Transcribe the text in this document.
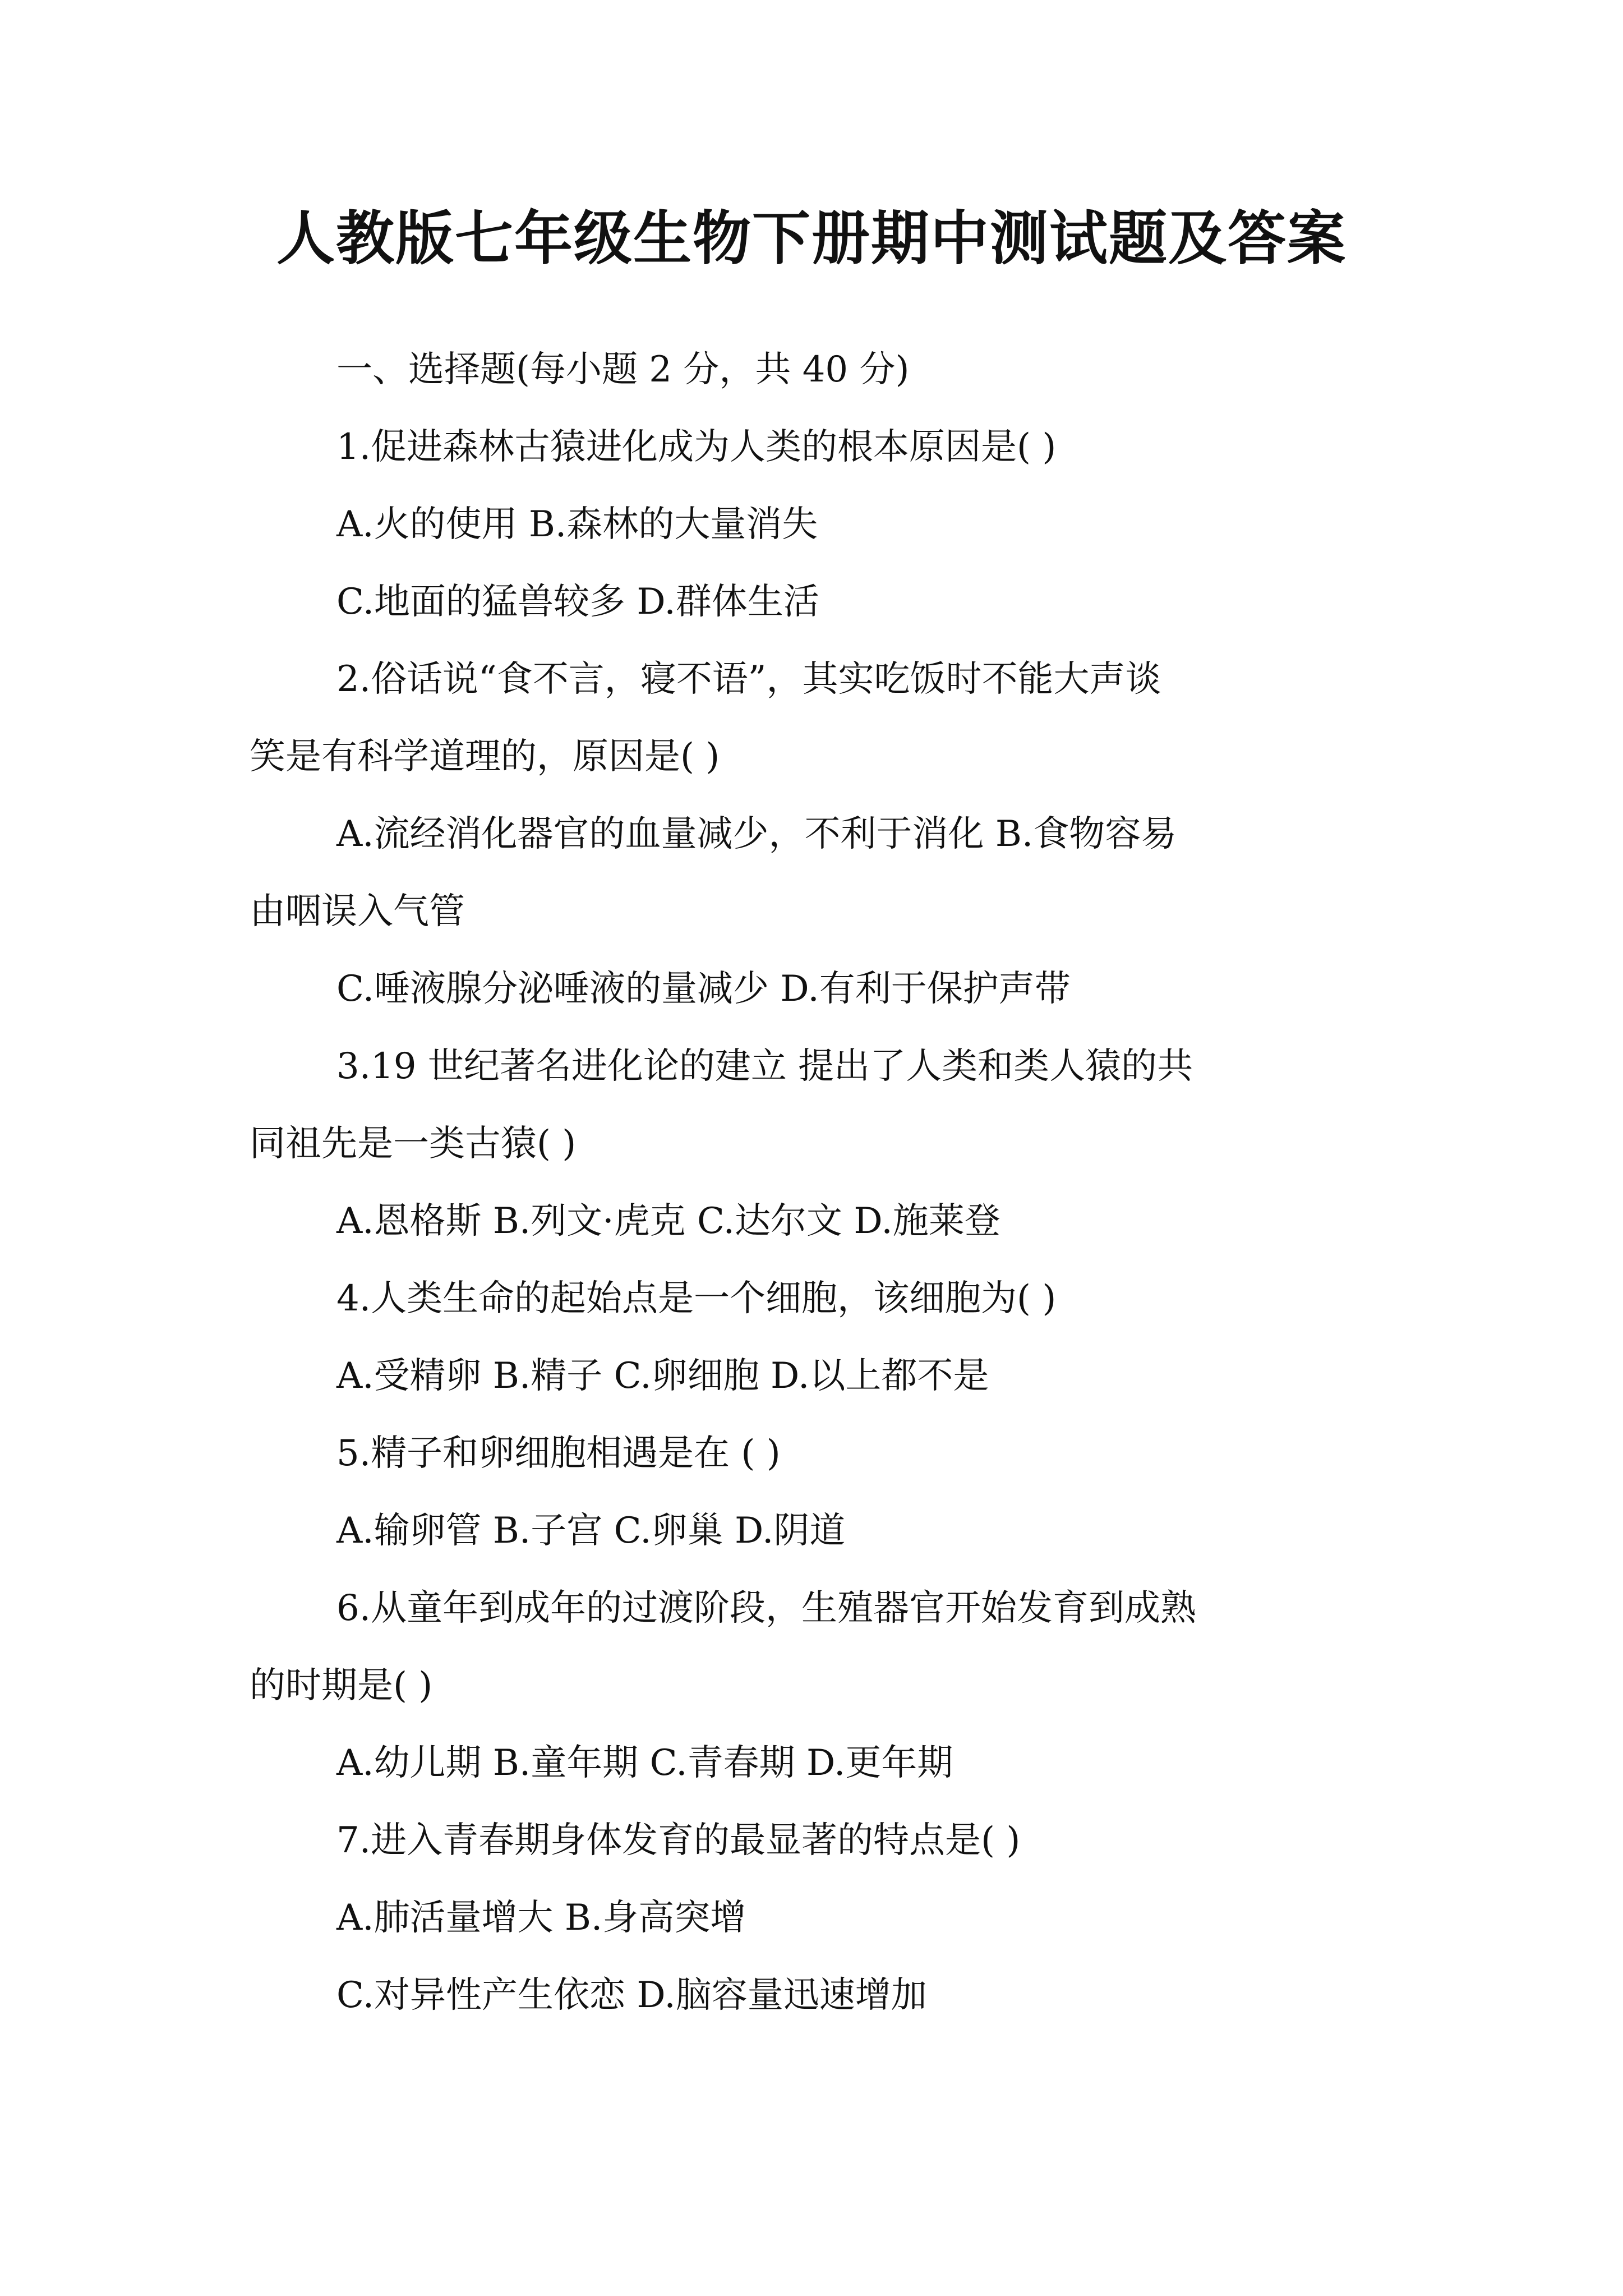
人教版七年级生物下册期中测试题及答案

一、选择题(每小题 2 分，共 40 分)

1.促进森林古猿进化成为人类的根本原因是( )

A.火的使用 B.森林的大量消失

C.地面的猛兽较多 D.群体生活

2.俗话说“食不言，寝不语”，其实吃饭时不能大声谈

笑是有科学道理的，原因是( )

A.流经消化器官的血量减少，不利于消化 B.食物容易

由咽误入气管

C.唾液腺分泌唾液的量减少 D.有利于保护声带

3.19 世纪著名进化论的建立 提出了人类和类人猿的共

同祖先是一类古猿( )

A.恩格斯 B.列文·虎克 C.达尔文 D.施莱登

4.人类生命的起始点是一个细胞，该细胞为( )

A.受精卵 B.精子 C.卵细胞 D.以上都不是

5.精子和卵细胞相遇是在 ( )

A.输卵管 B.子宫 C.卵巢 D.阴道

6.从童年到成年的过渡阶段，生殖器官开始发育到成熟

的时期是( )

A.幼儿期 B.童年期 C.青春期 D.更年期

7.进入青春期身体发育的最显著的特点是( )

A.肺活量增大 B.身高突增

C.对异性产生依恋 D.脑容量迅速增加
